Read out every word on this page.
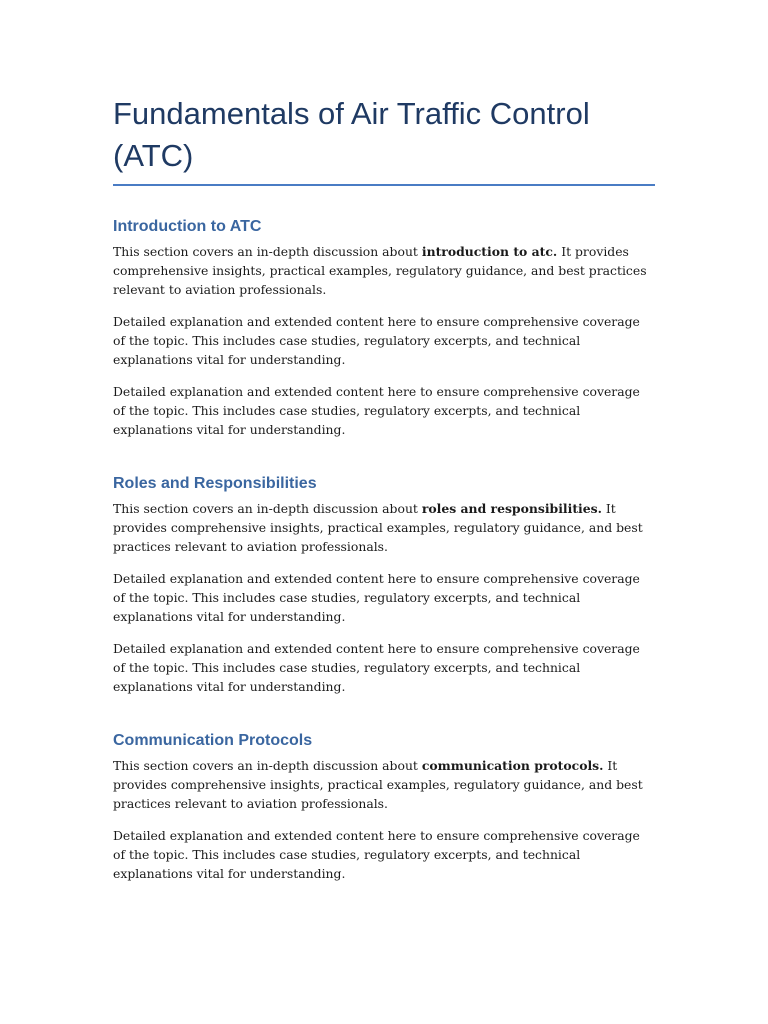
Fundamentals of Air Traffic Control (ATC)
Introduction to ATC

This section covers an in-depth discussion about introduction to atc. It provides comprehensive insights, practical examples, regulatory guidance, and best practices relevant to aviation professionals.

Detailed explanation and extended content here to ensure comprehensive coverage of the topic. This includes case studies, regulatory excerpts, and technical explanations vital for understanding.

Detailed explanation and extended content here to ensure comprehensive coverage of the topic. This includes case studies, regulatory excerpts, and technical explanations vital for understanding.

Roles and Responsibilities

This section covers an in-depth discussion about roles and responsibilities. It provides comprehensive insights, practical examples, regulatory guidance, and best practices relevant to aviation professionals.

Detailed explanation and extended content here to ensure comprehensive coverage of the topic. This includes case studies, regulatory excerpts, and technical explanations vital for understanding.

Detailed explanation and extended content here to ensure comprehensive coverage of the topic. This includes case studies, regulatory excerpts, and technical explanations vital for understanding.

Communication Protocols

This section covers an in-depth discussion about communication protocols. It provides comprehensive insights, practical examples, regulatory guidance, and best practices relevant to aviation professionals.

Detailed explanation and extended content here to ensure comprehensive coverage of the topic. This includes case studies, regulatory excerpts, and technical explanations vital for understanding.
